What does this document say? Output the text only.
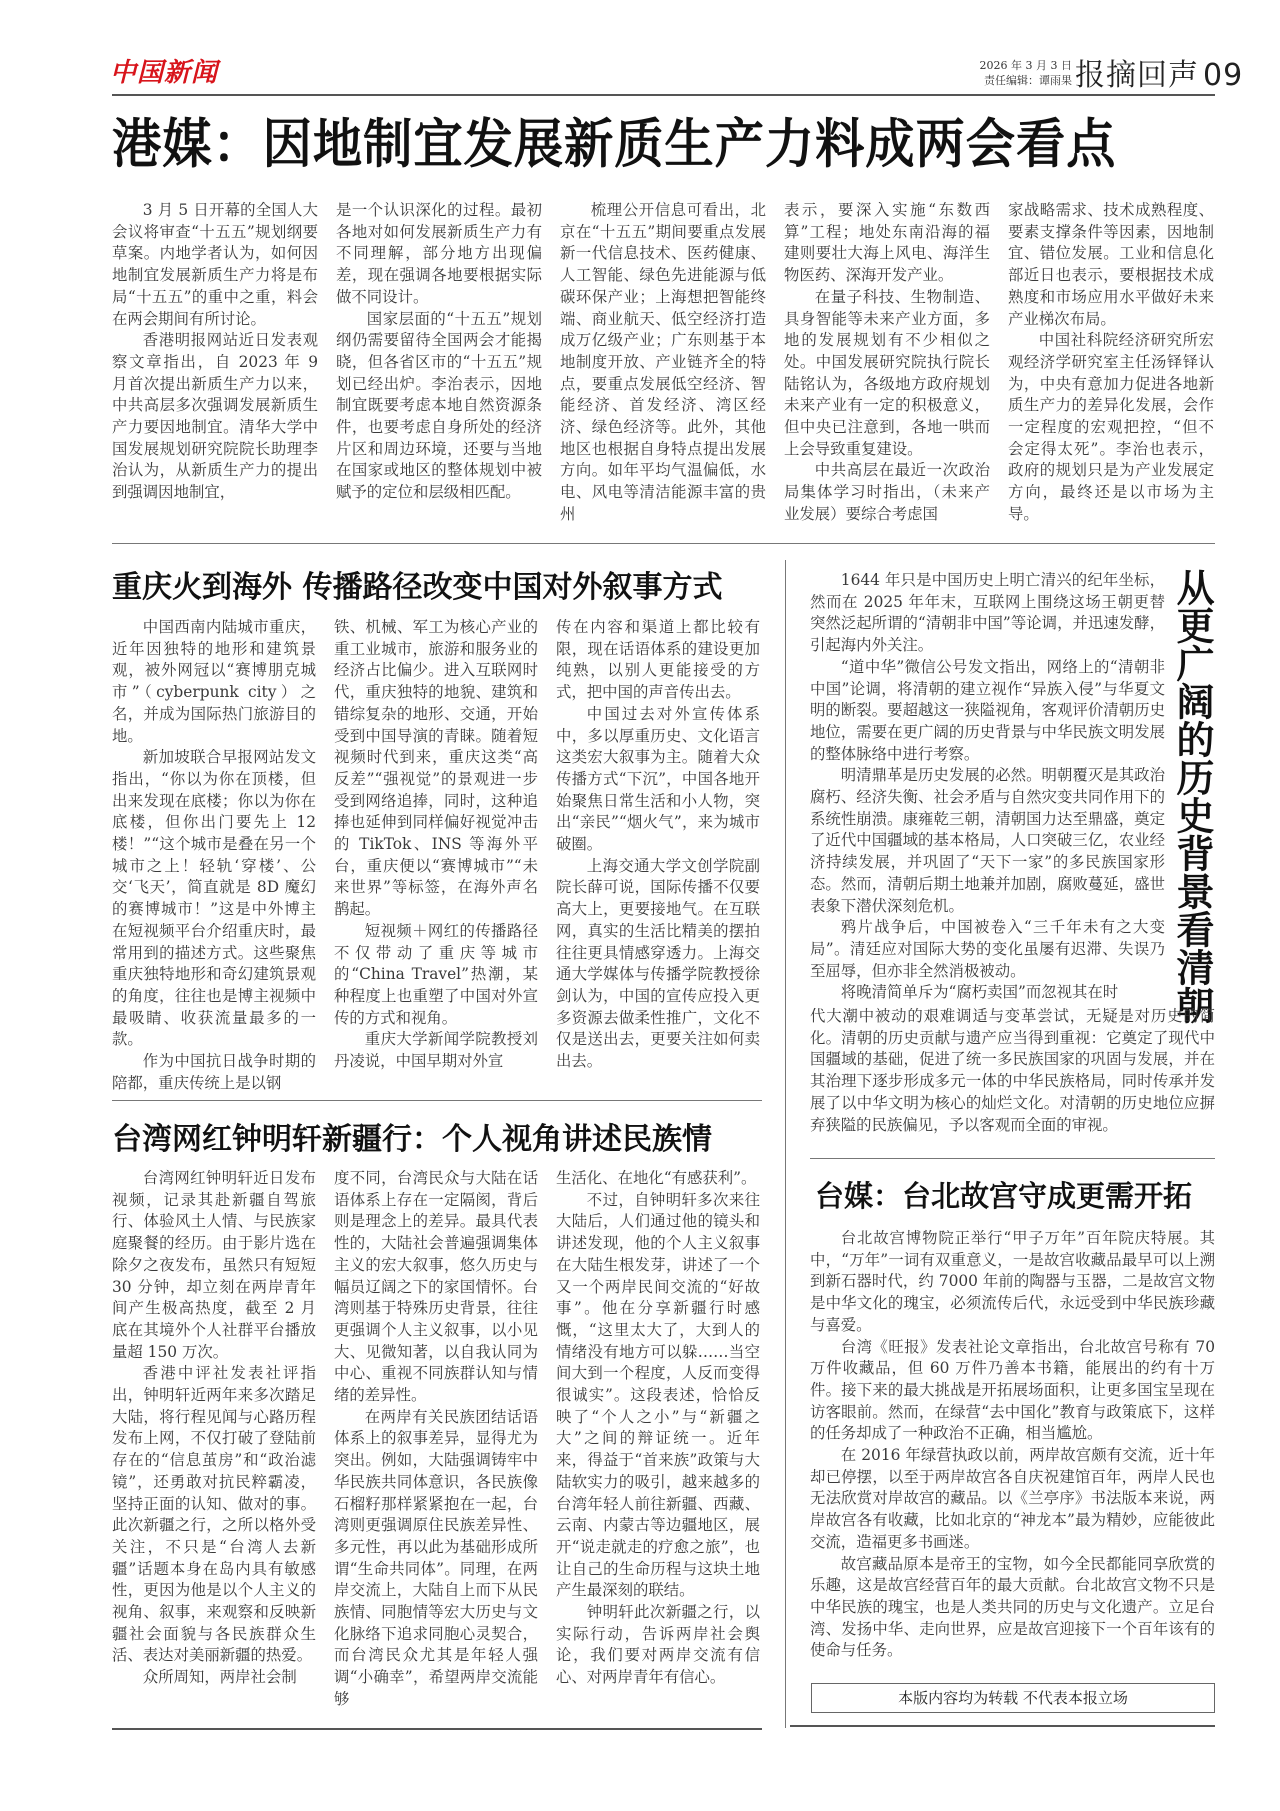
中国新闻	2026 年 3 月 3 日
责任编辑：谭雨果 报摘回声 09
港媒：因地制宜发展新质生产力料成两会看点

3 月 5 日开幕的全国人大会议将审查“十五五”规划纲要草案。内地学者认为，如何因地制宜发展新质生产力将是布局“十五五”的重中之重，料会在两会期间有所讨论。

香港明报网站近日发表观察文章指出，自 2023 年 9 月首次提出新质生产力以来，中共高层多次强调发展新质生产力要因地制宜。清华大学中国发展规划研究院院长助理李治认为，从新质生产力的提出到强调因地制宜，

是一个认识深化的过程。最初各地对如何发展新质生产力有不同理解，部分地方出现偏差，现在强调各地要根据实际做不同设计。

国家层面的“十五五”规划纲仍需要留待全国两会才能揭晓，但各省区市的“十五五”规划已经出炉。李治表示，因地制宜既要考虑本地自然资源条件，也要考虑自身所处的经济片区和周边环境，还要与当地在国家或地区的整体规划中被赋予的定位和层级相匹配。

梳理公开信息可看出，北京在“十五五”期间要重点发展新一代信息技术、医药健康、人工智能、绿色先进能源与低碳环保产业；上海想把智能终端、商业航天、低空经济打造成万亿级产业；广东则基于本地制度开放、产业链齐全的特点，要重点发展低空经济、智能经济、首发经济、湾区经济、绿色经济等。此外，其他地区也根据自身特点提出发展方向。如年平均气温偏低，水电、风电等清洁能源丰富的贵州

表示，要深入实施“东数西算”工程；地处东南沿海的福建则要壮大海上风电、海洋生物医药、深海开发产业。

在量子科技、生物制造、具身智能等未来产业方面，多地的发展规划有不少相似之处。中国发展研究院执行院长陆铭认为，各级地方政府规划未来产业有一定的积极意义，但中央已注意到，各地一哄而上会导致重复建设。

中共高层在最近一次政治局集体学习时指出，（未来产业发展）要综合考虑国

家战略需求、技术成熟程度、要素支撑条件等因素，因地制宜、错位发展。工业和信息化部近日也表示，要根据技术成熟度和市场应用水平做好未来产业梯次布局。

中国社科院经济研究所宏观经济学研究室主任汤铎铎认为，中央有意加力促进各地新质生产力的差异化发展，会作一定程度的宏观把控，“但不会定得太死”。李治也表示，政府的规划只是为产业发展定方向，最终还是以市场为主导。

重庆火到海外 传播路径改变中国对外叙事方式

中国西南内陆城市重庆，近年因独特的地形和建筑景观，被外网冠以“赛博朋克城市”（cyberpunk city）之名，并成为国际热门旅游目的地。

新加坡联合早报网站发文指出，“你以为你在顶楼，但出来发现在底楼；你以为你在底楼，但你出门要先上 12 楼！”“这个城市是叠在另一个城市之上！轻轨‘穿楼’、公交‘飞天’，简直就是 8D 魔幻的赛博城市！”这是中外博主在短视频平台介绍重庆时，最常用到的描述方式。这些聚焦重庆独特地形和奇幻建筑景观的角度，往往也是博主视频中最吸睛、收获流量最多的一款。

作为中国抗日战争时期的陪都，重庆传统上是以钢

铁、机械、军工为核心产业的重工业城市，旅游和服务业的经济占比偏少。进入互联网时代，重庆独特的地貌、建筑和错综复杂的地形、交通，开始受到中国导演的青睐。随着短视频时代到来，重庆这类“高反差”“强视觉”的景观进一步受到网络追捧，同时，这种追捧也延伸到同样偏好视觉冲击的 TikTok、INS 等海外平台，重庆便以“赛博城市”“未来世界”等标签，在海外声名鹊起。

短视频＋网红的传播路径不仅带动了重庆等城市的“China Travel”热潮，某种程度上也重塑了中国对外宣传的方式和视角。

重庆大学新闻学院教授刘丹凌说，中国早期对外宣

传在内容和渠道上都比较有限，现在话语体系的建设更加纯熟，以别人更能接受的方式，把中国的声音传出去。

中国过去对外宣传体系中，多以厚重历史、文化语言这类宏大叙事为主。随着大众传播方式“下沉”，中国各地开始聚焦日常生活和小人物，突出“亲民”“烟火气”，来为城市破圈。

上海交通大学文创学院副院长薛可说，国际传播不仅要高大上，更要接地气。在互联网，真实的生活比精美的摆拍往往更具情感穿透力。上海交通大学媒体与传播学院教授徐剑认为，中国的宣传应投入更多资源去做柔性推广，文化不仅是送出去，更要关注如何卖出去。

台湾网红钟明轩新疆行：个人视角讲述民族情

台湾网红钟明轩近日发布视频，记录其赴新疆自驾旅行、体验风土人情、与民族家庭聚餐的经历。由于影片选在除夕之夜发布，虽然只有短短 30 分钟，却立刻在两岸青年间产生极高热度，截至 2 月底在其境外个人社群平台播放量超 150 万次。

香港中评社发表社评指出，钟明轩近两年来多次踏足大陆，将行程见闻与心路历程发布上网，不仅打破了登陆前存在的“信息茧房”和“政治滤镜”，还勇敢对抗民粹霸凌，坚持正面的认知、做对的事。此次新疆之行，之所以格外受关注，不只是“台湾人去新疆”话题本身在岛内具有敏感性，更因为他是以个人主义的视角、叙事，来观察和反映新疆社会面貌与各民族群众生活、表达对美丽新疆的热爱。

众所周知，两岸社会制

度不同，台湾民众与大陆在话语体系上存在一定隔阂，背后则是理念上的差异。最具代表性的，大陆社会普遍强调集体主义的宏大叙事，悠久历史与幅员辽阔之下的家国情怀。台湾则基于特殊历史背景，往往更强调个人主义叙事，以小见大、见微知著，以自我认同为中心、重视不同族群认知与情绪的差异性。

在两岸有关民族团结话语体系上的叙事差异，显得尤为突出。例如，大陆强调铸牢中华民族共同体意识，各民族像石榴籽那样紧紧抱在一起，台湾则更强调原住民族差异性、多元性，再以此为基础形成所谓“生命共同体”。同理，在两岸交流上，大陆自上而下从民族情、同胞情等宏大历史与文化脉络下追求同胞心灵契合，而台湾民众尤其是年轻人强调“小确幸”，希望两岸交流能够

生活化、在地化“有感获利”。

不过，自钟明轩多次来往大陆后，人们通过他的镜头和讲述发现，他的个人主义叙事在大陆生根发芽，讲述了一个又一个两岸民间交流的“好故事”。他在分享新疆行时感慨，“这里太大了，大到人的情绪没有地方可以躲……当空间大到一个程度，人反而变得很诚实”。这段表述，恰恰反映了“个人之小”与“新疆之大”之间的辩证统一。近年来，得益于“首来族”政策与大陆软实力的吸引，越来越多的台湾年轻人前往新疆、西藏、云南、内蒙古等边疆地区，展开“说走就走的疗愈之旅”，也让自己的生命历程与这块土地产生最深刻的联结。

钟明轩此次新疆之行，以实际行动，告诉两岸社会舆论，我们要对两岸交流有信心、对两岸青年有信心。

1644 年只是中国历史上明亡清兴的纪年坐标，然而在 2025 年年末，互联网上围绕这场王朝更替突然泛起所谓的“清朝非中国”等论调，并迅速发酵，引起海内外关注。

“道中华”微信公号发文指出，网络上的“清朝非中国”论调，将清朝的建立视作“异族入侵”与华夏文明的断裂。要超越这一狭隘视角，客观评价清朝历史地位，需要在更广阔的历史背景与中华民族文明发展的整体脉络中进行考察。

明清鼎革是历史发展的必然。明朝覆灭是其政治腐朽、经济失衡、社会矛盾与自然灾变共同作用下的系统性崩溃。康雍乾三朝，清朝国力达至鼎盛，奠定了近代中国疆域的基本格局，人口突破三亿，农业经济持续发展，并巩固了“天下一家”的多民族国家形态。然而，清朝后期土地兼并加剧，腐败蔓延，盛世表象下潜伏深刻危机。

鸦片战争后，中国被卷入“三千年未有之大变局”。清廷应对国际大势的变化虽屡有迟滞、失误乃至屈辱，但亦非全然消极被动。

将晚清简单斥为“腐朽卖国”而忽视其在时	从更广阔的历史背景看清朝

代大潮中被动的艰难调适与变革尝试，无疑是对历史的简化。清朝的历史贡献与遗产应当得到重视：它奠定了现代中国疆域的基础，促进了统一多民族国家的巩固与发展，并在其治理下逐步形成多元一体的中华民族格局，同时传承并发展了以中华文明为核心的灿烂文化。对清朝的历史地位应摒弃狭隘的民族偏见，予以客观而全面的审视。

台媒：台北故宫守成更需开拓

台北故宫博物院正举行“甲子万年”百年院庆特展。其中，“万年”一词有双重意义，一是故宫收藏品最早可以上溯到新石器时代，约 7000 年前的陶器与玉器，二是故宫文物是中华文化的瑰宝，必须流传后代，永远受到中华民族珍藏与喜爱。

台湾《旺报》发表社论文章指出，台北故宫号称有 70 万件收藏品，但 60 万件乃善本书籍，能展出的约有十万件。接下来的最大挑战是开拓展场面积，让更多国宝呈现在访客眼前。然而，在绿营“去中国化”教育与政策底下，这样的任务却成了一种政治不正确，相当尴尬。

在 2016 年绿营执政以前，两岸故宫颇有交流，近十年却已停摆，以至于两岸故宫各自庆祝建馆百年，两岸人民也无法欣赏对岸故宫的藏品。以《兰亭序》书法版本来说，两岸故宫各有收藏，比如北京的“神龙本”最为精妙，应能彼此交流，造福更多书画迷。

故宫藏品原本是帝王的宝物，如今全民都能同享欣赏的乐趣，这是故宫经营百年的最大贡献。台北故宫文物不只是中华民族的瑰宝，也是人类共同的历史与文化遗产。立足台湾、发扬中华、走向世界，应是故宫迎接下一个百年该有的使命与任务。

本版内容均为转载 不代表本报立场
